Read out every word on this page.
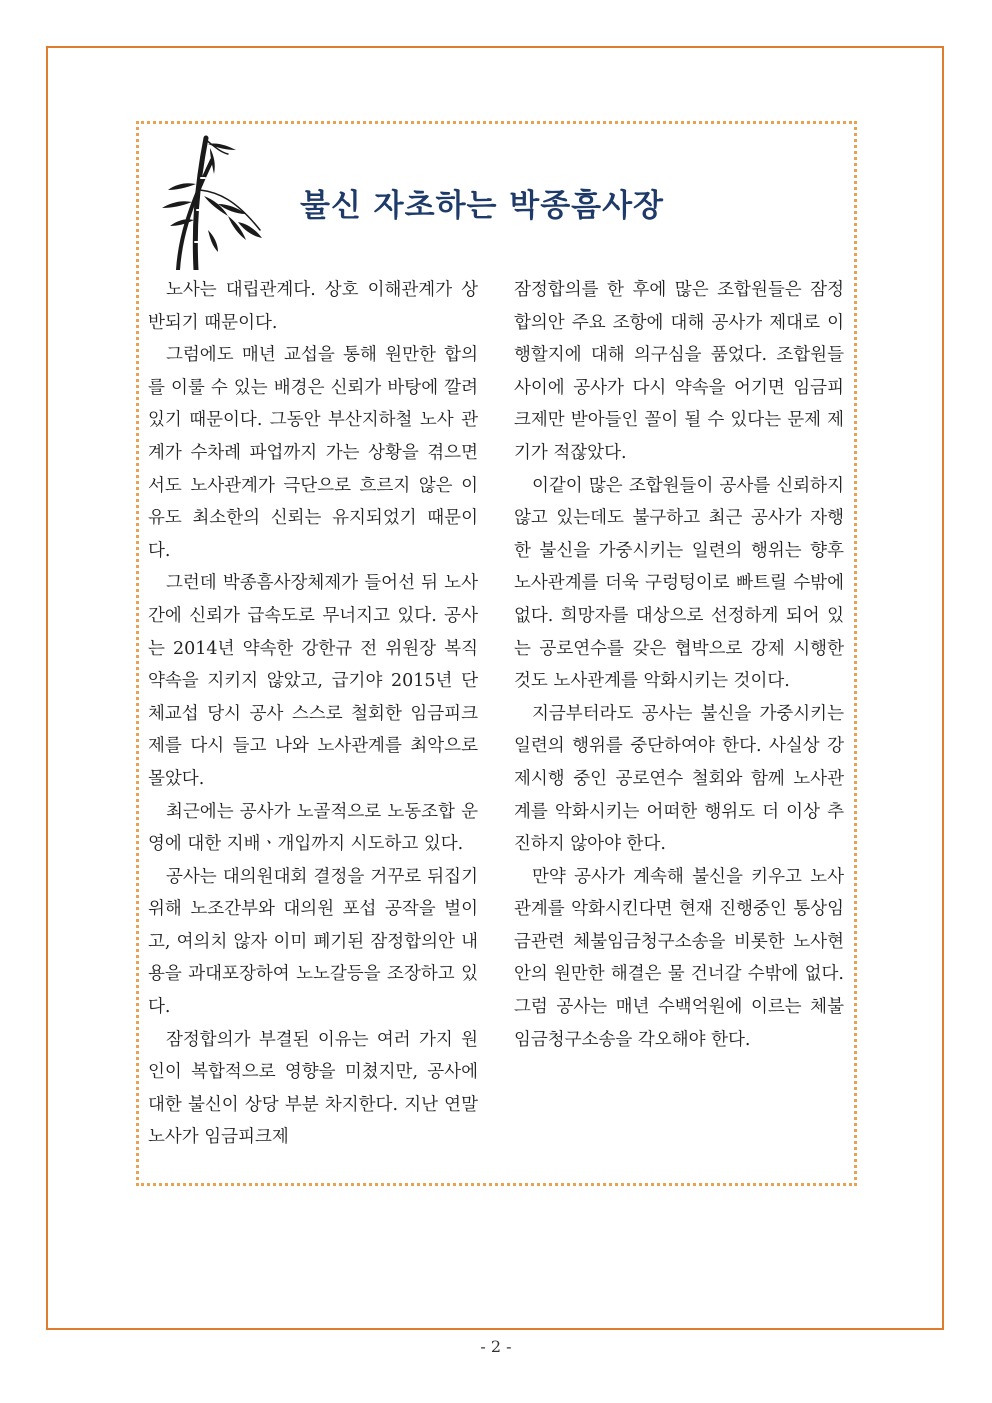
불신 자초하는 박종흠사장

노사는 대립관계다. 상호 이해관계가 상반되기 때문이다.

그럼에도 매년 교섭을 통해 원만한 합의를 이룰 수 있는 배경은 신뢰가 바탕에 깔려 있기 때문이다. 그동안 부산지하철 노사 관계가 수차례 파업까지 가는 상황을 겪으면서도 노사관계가 극단으로 흐르지 않은 이유도 최소한의 신뢰는 유지되었기 때문이다.

그런데 박종흠사장체제가 들어선 뒤 노사간에 신뢰가 급속도로 무너지고 있다. 공사는 2014년 약속한 강한규 전 위원장 복직 약속을 지키지 않았고, 급기야 2015년 단체교섭 당시 공사 스스로 철회한 임금피크제를 다시 들고 나와 노사관계를 최악으로 몰았다.

최근에는 공사가 노골적으로 노동조합 운영에 대한 지배ㆍ개입까지 시도하고 있다.

공사는 대의원대회 결정을 거꾸로 뒤집기 위해 노조간부와 대의원 포섭 공작을 벌이고, 여의치 않자 이미 폐기된 잠정합의안 내용을 과대포장하여 노노갈등을 조장하고 있다.

잠정합의가 부결된 이유는 여러 가지 원인이 복합적으로 영향을 미쳤지만, 공사에 대한 불신이 상당 부분 차지한다. 지난 연말 노사가 임금피크제

잠정합의를 한 후에 많은 조합원들은 잠정합의안 주요 조항에 대해 공사가 제대로 이행할지에 대해 의구심을 품었다. 조합원들 사이에 공사가 다시 약속을 어기면 임금피크제만 받아들인 꼴이 될 수 있다는 문제 제기가 적잖았다.

이같이 많은 조합원들이 공사를 신뢰하지 않고 있는데도 불구하고 최근 공사가 자행한 불신을 가중시키는 일련의 행위는 향후 노사관계를 더욱 구렁텅이로 빠트릴 수밖에 없다. 희망자를 대상으로 선정하게 되어 있는 공로연수를 갖은 협박으로 강제 시행한 것도 노사관계를 악화시키는 것이다.

지금부터라도 공사는 불신을 가중시키는 일련의 행위를 중단하여야 한다. 사실상 강제시행 중인 공로연수 철회와 함께 노사관계를 악화시키는 어떠한 행위도 더 이상 추진하지 않아야 한다.

만약 공사가 계속해 불신을 키우고 노사관계를 악화시킨다면 현재 진행중인 통상임금관련 체불임금청구소송을 비롯한 노사현안의 원만한 해결은 물 건너갈 수밖에 없다. 그럼 공사는 매년 수백억원에 이르는 체불임금청구소송을 각오해야 한다.

- 2 -
